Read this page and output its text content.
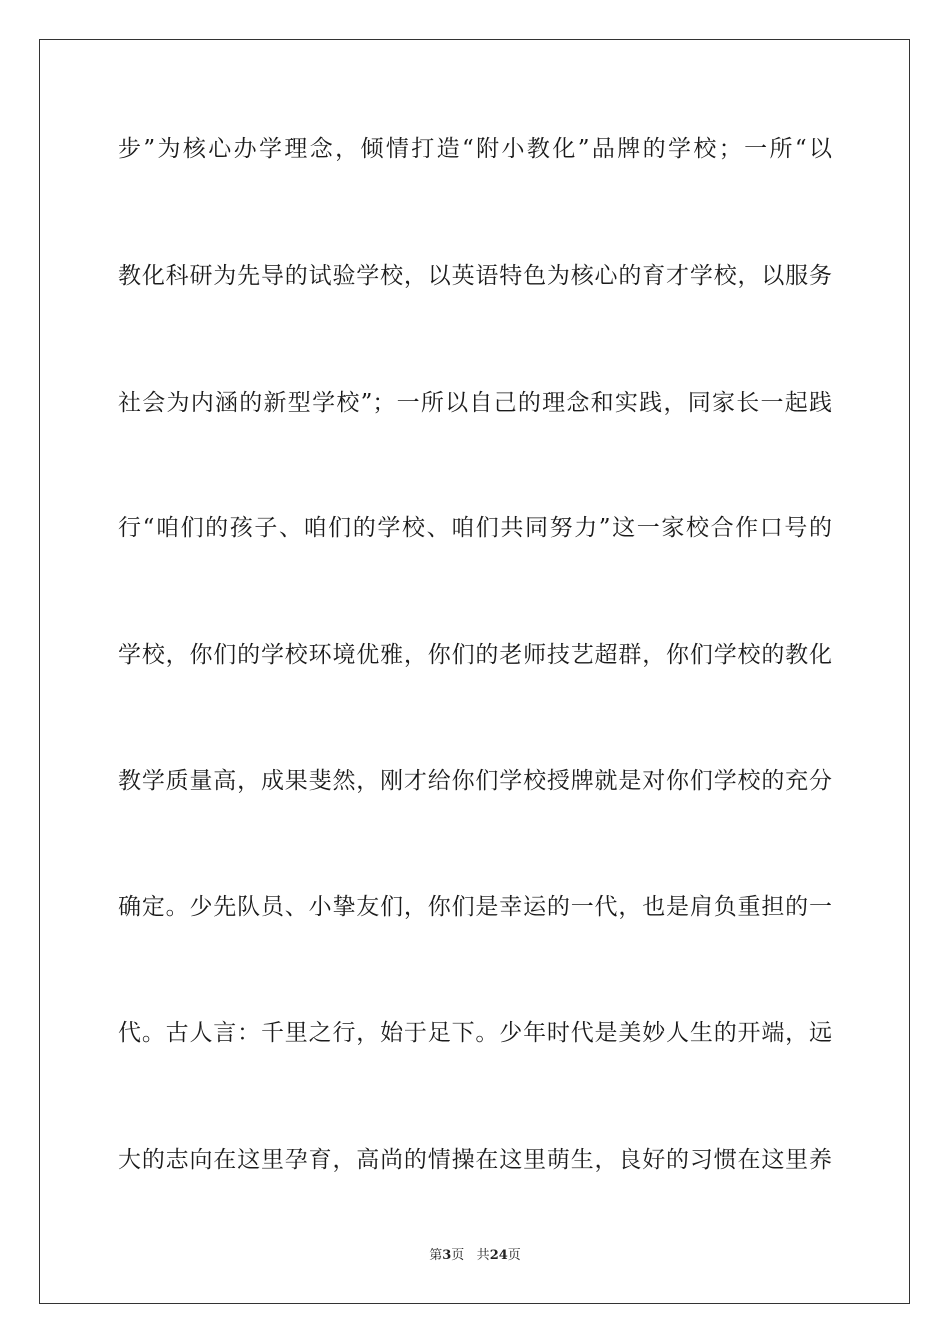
步”为核心办学理念，倾情打造“附小教化”品牌的学校；一所“以
教化科研为先导的试验学校，以英语特色为核心的育才学校，以服务
社会为内涵的新型学校”；一所以自己的理念和实践，同家长一起践
行“咱们的孩子、咱们的学校、咱们共同努力”这一家校合作口号的
学校，你们的学校环境优雅，你们的老师技艺超群，你们学校的教化
教学质量高，成果斐然，刚才给你们学校授牌就是对你们学校的充分
确定。少先队员、小挚友们，你们是幸运的一代，也是肩负重担的一
代。古人言：千里之行，始于足下。少年时代是美妙人生的开端，远
大的志向在这里孕育，高尚的情操在这里萌生，良好的习惯在这里养
第3页 共24页
